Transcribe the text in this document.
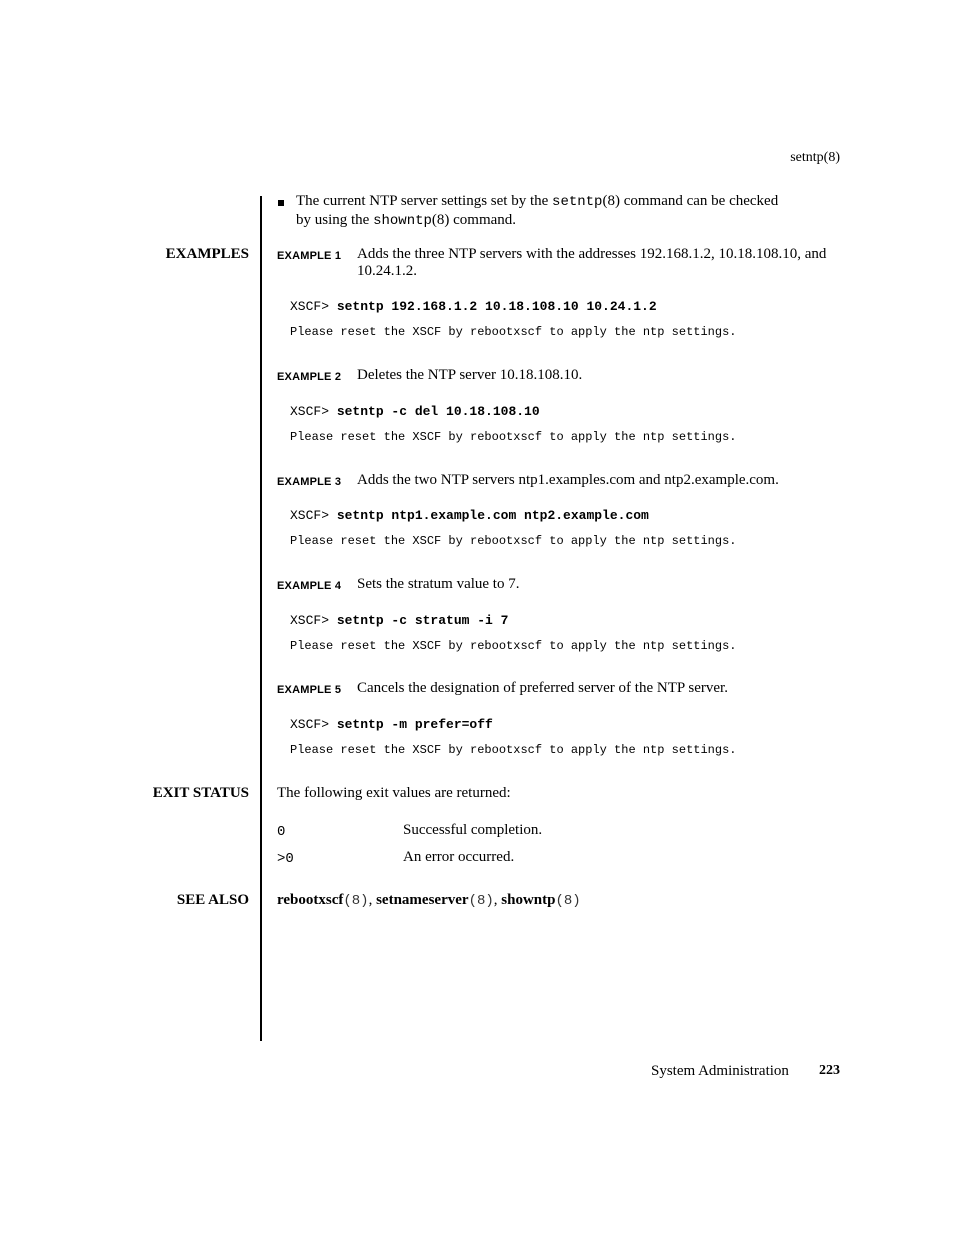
setntp(8)
The current NTP server settings set by the setntp(8) command can be checked
by using the showntp(8) command.
EXAMPLES	EXAMPLE 1 Adds the three NTP servers with the addresses 192.168.1.2, 10.18.108.10, and 10.24.1.2.
XSCF> setntp 192.168.1.2 10.18.108.10 10.24.1.2
Please reset the XSCF by rebootxscf to apply the ntp settings.
EXAMPLE 2 Deletes the NTP server 10.18.108.10.
XSCF> setntp -c del 10.18.108.10
Please reset the XSCF by rebootxscf to apply the ntp settings.
EXAMPLE 3 Adds the two NTP servers ntp1.examples.com and ntp2.example.com.
XSCF> setntp ntp1.example.com ntp2.example.com
Please reset the XSCF by rebootxscf to apply the ntp settings.
EXAMPLE 4 Sets the stratum value to 7.
XSCF> setntp -c stratum -i 7
Please reset the XSCF by rebootxscf to apply the ntp settings.
EXAMPLE 5 Cancels the designation of preferred server of the NTP server.
XSCF> setntp -m prefer=off
Please reset the XSCF by rebootxscf to apply the ntp settings.
EXIT STATUS The following exit values are returned:
0	Successful completion.
>0	An error occurred.
SEE ALSO rebootxscf(8), setnameserver(8), showntp(8)
System Administration 223
